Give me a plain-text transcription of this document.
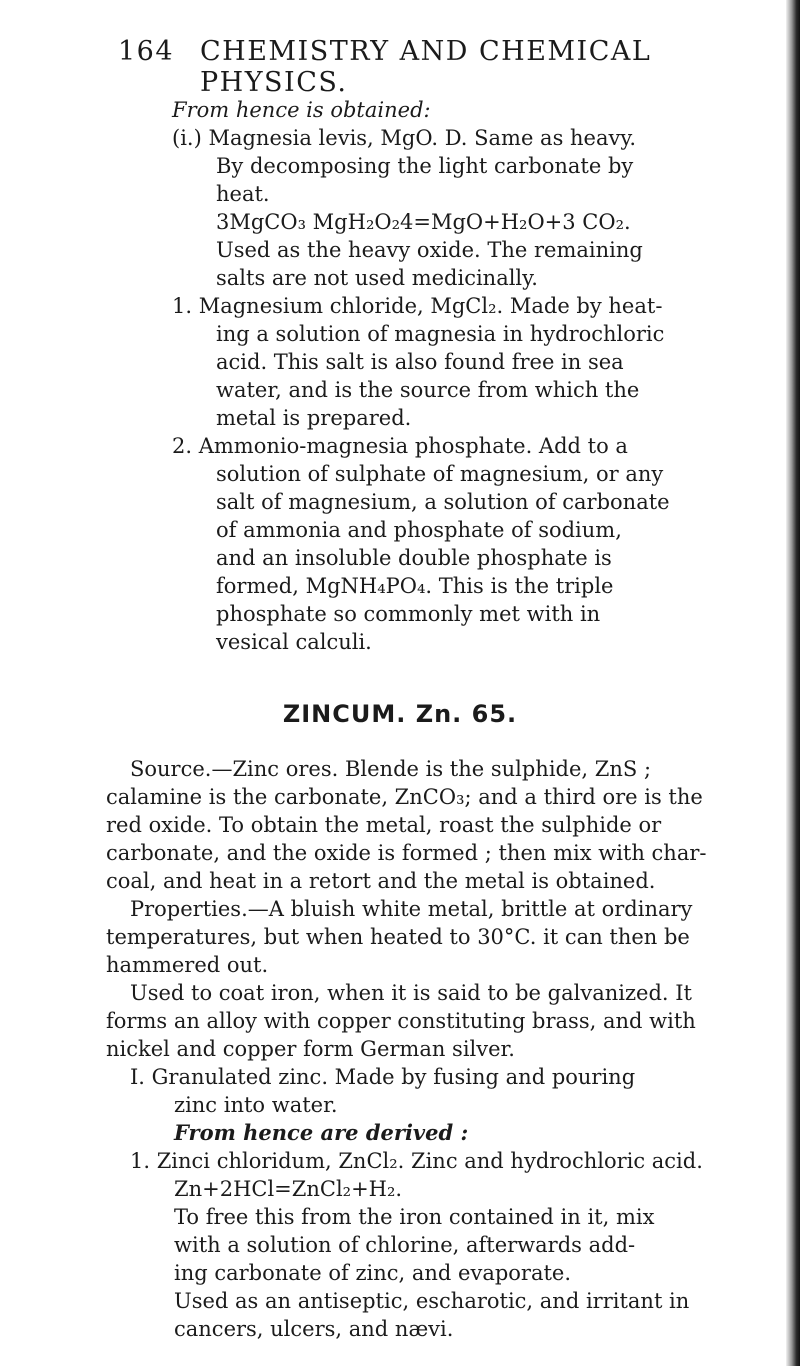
164 CHEMISTRY AND CHEMICAL PHYSICS.
From hence is obtained:
(i.) Magnesia levis, MgO. D. Same as heavy.
By decomposing the light carbonate by
heat.
3MgCO₃ MgH₂O₂4=MgO+H₂O+3 CO₂.
Used as the heavy oxide. The remaining
salts are not used medicinally.
1. Magnesium chloride, MgCl₂. Made by heat-
ing a solution of magnesia in hydrochloric
acid. This salt is also found free in sea
water, and is the source from which the
metal is prepared.
2. Ammonio-magnesia phosphate. Add to a
solution of sulphate of magnesium, or any
salt of magnesium, a solution of carbonate
of ammonia and phosphate of sodium,
and an insoluble double phosphate is
formed, MgNH₄PO₄. This is the triple
phosphate so commonly met with in
vesical calculi.
ZINCUM. Zn. 65.
Source.—Zinc ores. Blende is the sulphide, ZnS ;
calamine is the carbonate, ZnCO₃; and a third ore is the
red oxide. To obtain the metal, roast the sulphide or
carbonate, and the oxide is formed ; then mix with char-
coal, and heat in a retort and the metal is obtained.
Properties.—A bluish white metal, brittle at ordinary
temperatures, but when heated to 30°C. it can then be
hammered out.
Used to coat iron, when it is said to be galvanized. It
forms an alloy with copper constituting brass, and with
nickel and copper form German silver.
I. Granulated zinc. Made by fusing and pouring
zinc into water.
From hence are derived :
1. Zinci chloridum, ZnCl₂. Zinc and hydrochloric acid.
Zn+2HCl=ZnCl₂+H₂.
To free this from the iron contained in it, mix
with a solution of chlorine, afterwards add-
ing carbonate of zinc, and evaporate.
Used as an antiseptic, escharotic, and irritant in
cancers, ulcers, and nævi.
